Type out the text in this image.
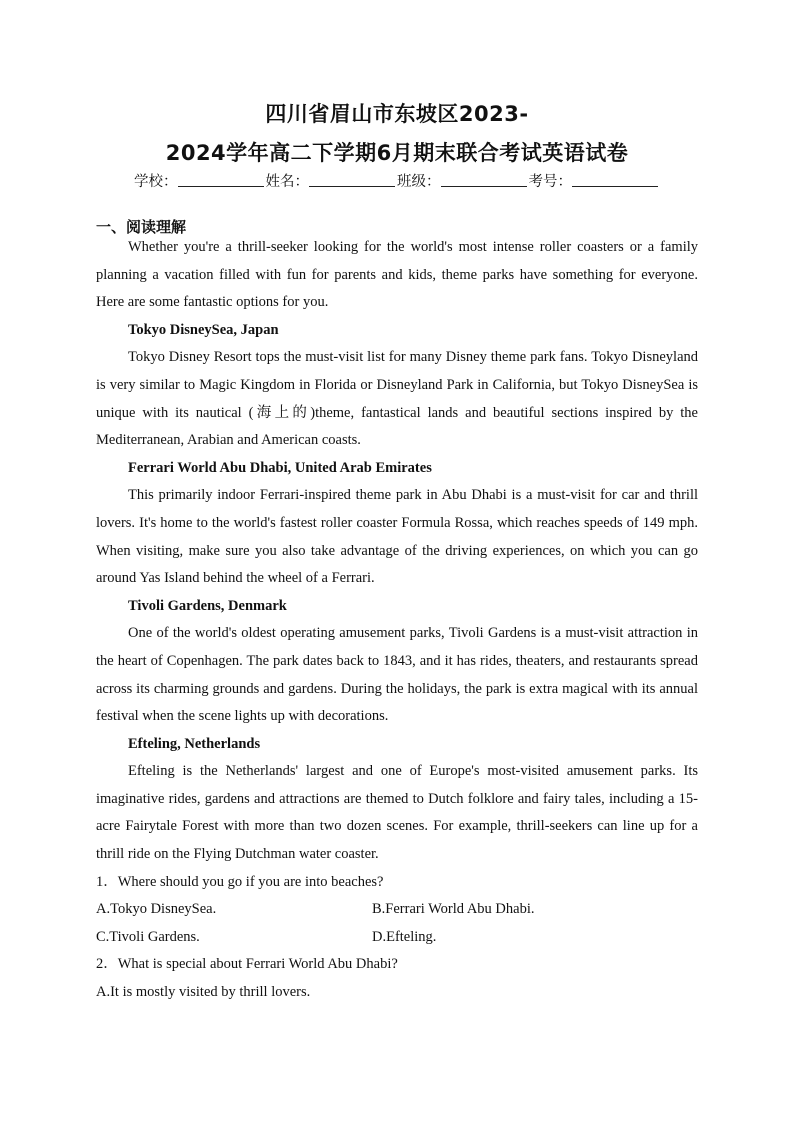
四川省眉山市东坡区2023-
2024学年高二下学期6月期末联合考试英语试卷
学校：	姓名：	班级：	考号：
一、阅读理解

Whether you're a thrill-seeker looking for the world's most intense roller coasters or a family planning a vacation filled with fun for parents and kids, theme parks have something for everyone. Here are some fantastic options for you.

Tokyo DisneySea, Japan

Tokyo Disney Resort tops the must-visit list for many Disney theme park fans. Tokyo Disneyland is very similar to Magic Kingdom in Florida or Disneyland Park in California, but Tokyo DisneySea is unique with its nautical (海上的)theme, fantastical lands and beautiful sections inspired by the Mediterranean, Arabian and American coasts.

Ferrari World Abu Dhabi, United Arab Emirates

This primarily indoor Ferrari-inspired theme park in Abu Dhabi is a must-visit for car and thrill lovers. It's home to the world's fastest roller coaster Formula Rossa, which reaches speeds of 149 mph. When visiting, make sure you also take advantage of the driving experiences, on which you can go around Yas Island behind the wheel of a Ferrari.

Tivoli Gardens, Denmark

One of the world's oldest operating amusement parks, Tivoli Gardens is a must-visit attraction in the heart of Copenhagen. The park dates back to 1843, and it has rides, theaters, and restaurants spread across its charming grounds and gardens. During the holidays, the park is extra magical with its annual festival when the scene lights up with decorations.

Efteling, Netherlands

Efteling is the Netherlands' largest and one of Europe's most-visited amusement parks. Its imaginative rides, gardens and attractions are themed to Dutch folklore and fairy tales, including a 15-acre Fairytale Forest with more than two dozen scenes. For example, thrill-seekers can line up for a thrill ride on the Flying Dutchman water coaster.

1．Where should you go if you are into beaches?

A.Tokyo DisneySea.	B.Ferrari World Abu Dhabi.
C.Tivoli Gardens.	D.Efteling.

2．What is special about Ferrari World Abu Dhabi?

A.It is mostly visited by thrill lovers.
